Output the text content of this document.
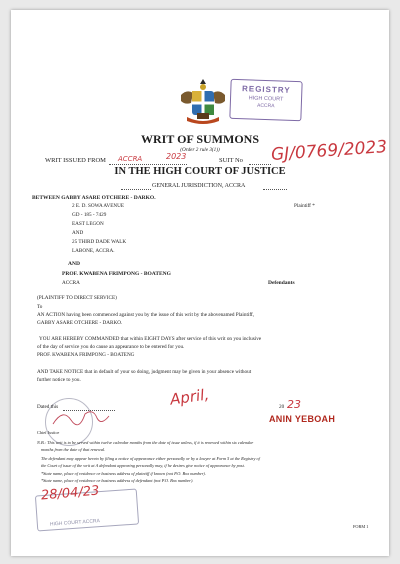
REGISTRY
HIGH COURT
ACCRA
WRIT OF SUMMONS
(Order 2 rule 3(1))
WRIT ISSUED FROM ACCRA	2023	SUIT No GJ/0769/2023
IN THE HIGH COURT OF JUSTICE
GENERAL JURISDICTION, ACCRA
BETWEEN GABBY ASARE OTCHERE - DARKO.
Plaintiff *
2 E. D. SOWA AVENUE
GD - 185 - 7429
EAST LEGON
AND
25 THIRD DADE WALK
LABONE, ACCRA.
AND
PROF. KWABENA FRIMPONG - BOATENG
ACCRA	Defendants
(PLAINTIFF TO DIRECT SERVICE)
To
AN ACTION having been commenced against you by the issue of this writ by the abovenamed Plaintiff,
GABBY ASARE OTCHERE - DARKO.
YOU ARE HEREBY COMMANDED that within EIGHT DAYS after service of this writ on you inclusive
of the day of service you do cause an appearance to be entered for you.
PROF. KWABENA FRIMPONG - BOATENG
AND TAKE NOTICE that in default of your so doing, judgment may be given in your absence without
further notice to you.
Dated this	April,	20 23
ANIN YEBOAH
Chief Justice
N.B.: This writ is to be served within twelve calendar months from the date of issue unless, if it is renewed within six calendar
months from the date of that renewal.
The defendant may appear hereto by filing a notice of appearance either personally or by a lawyer at Form 5 at the Registry of
the Court of issue of the writ at A defendant appearing personally may, if he desires give notice of appearance by post.
*State name, place of residence or business address of plaintiff if known (not P.O. Box number).
*State name, place of residence or business address of defendant (not P.O. Box number).
HIGH COURT ACCRA
28/04/23
FORM 1
